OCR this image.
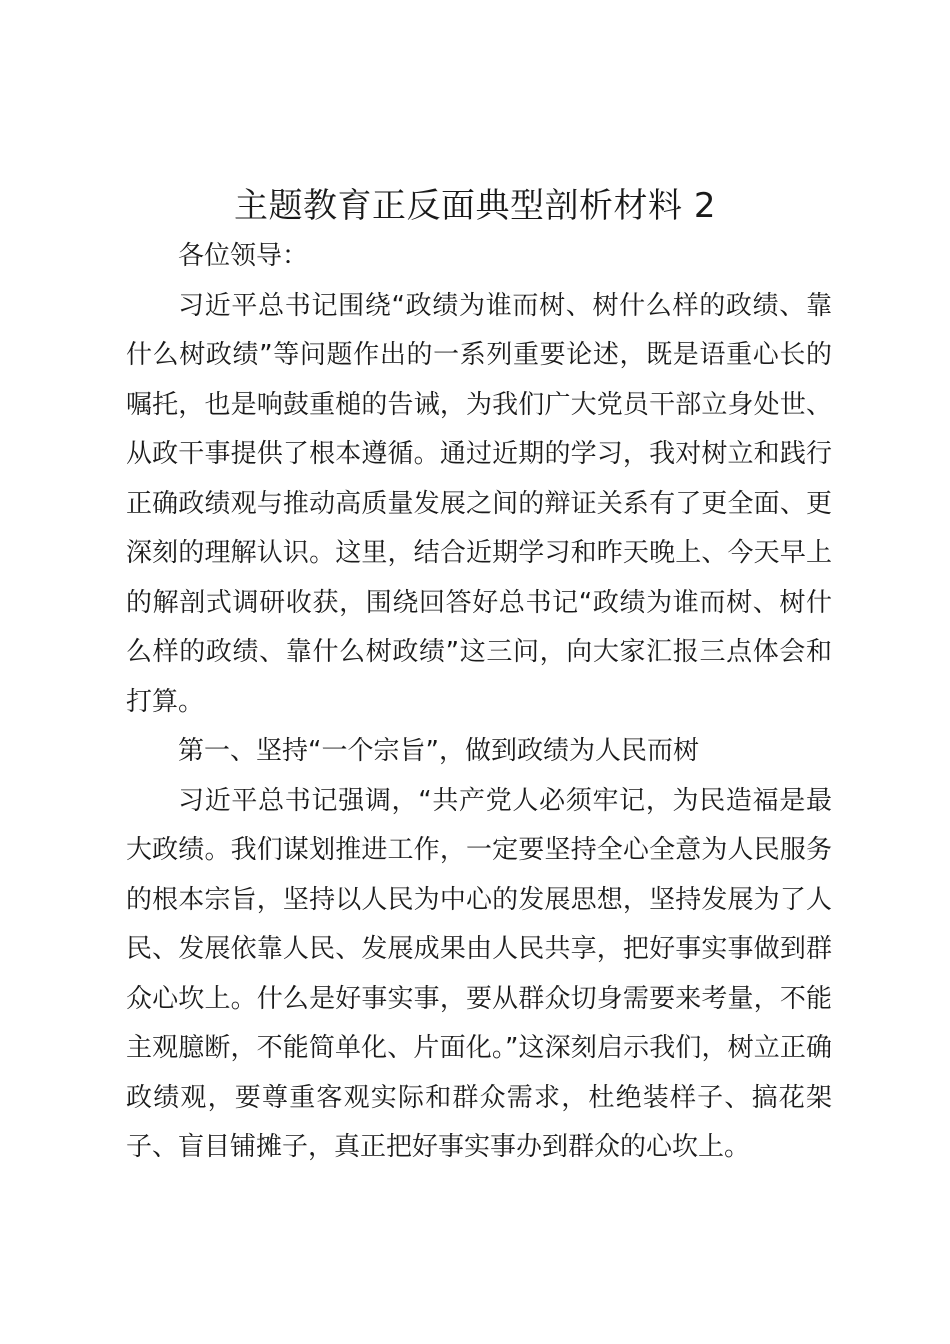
主题教育正反面典型剖析材料 2

各位领导：

习近平总书记围绕“政绩为谁而树、树什么样的政绩、靠什么树政绩”等问题作出的一系列重要论述，既是语重心长的嘱托，也是响鼓重槌的告诫，为我们广大党员干部立身处世、从政干事提供了根本遵循。通过近期的学习，我对树立和践行正确政绩观与推动高质量发展之间的辩证关系有了更全面、更深刻的理解认识。这里，结合近期学习和昨天晚上、今天早上的解剖式调研收获，围绕回答好总书记“政绩为谁而树、树什么样的政绩、靠什么树政绩”这三问，向大家汇报三点体会和打算。

第一、坚持“一个宗旨”，做到政绩为人民而树

习近平总书记强调，“共产党人必须牢记，为民造福是最大政绩。我们谋划推进工作，一定要坚持全心全意为人民服务的根本宗旨，坚持以人民为中心的发展思想，坚持发展为了人民、发展依靠人民、发展成果由人民共享，把好事实事做到群众心坎上。什么是好事实事，要从群众切身需要来考量，不能主观臆断，不能简单化、片面化。”这深刻启示我们，树立正确政绩观，要尊重客观实际和群众需求，杜绝装样子、搞花架子、盲目铺摊子，真正把好事实事办到群众的心坎上。
